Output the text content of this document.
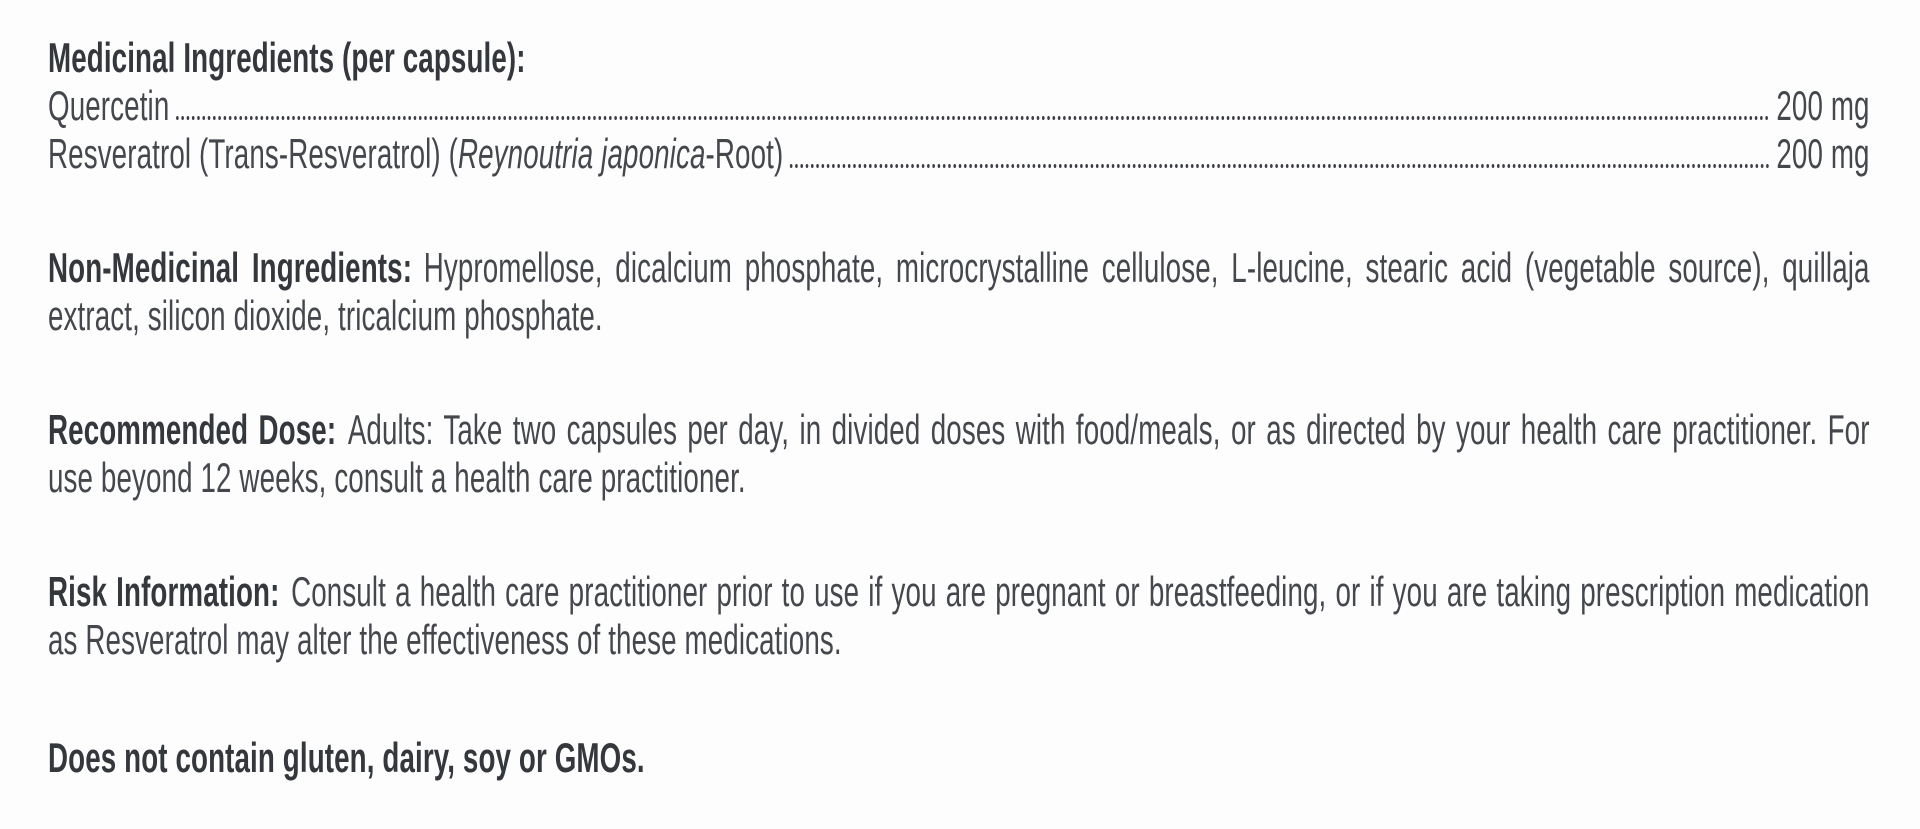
Medicinal Ingredients (per capsule):
Quercetin	200 mg
Resveratrol (Trans-Resveratrol) (Reynoutria japonica-Root)	200 mg

Non-Medicinal Ingredients: Hypromellose, dicalcium phosphate, microcrystalline cellulose, L-leucine, stearic acid (vegetable source), quillaja extract, silicon dioxide, tricalcium phosphate.

Recommended Dose: Adults: Take two capsules per day, in divided doses with food/meals, or as directed by your health care practitioner. For use beyond 12 weeks, consult a health care practitioner.

Risk Information: Consult a health care practitioner prior to use if you are pregnant or breastfeeding, or if you are taking prescription medication as Resveratrol may alter the effectiveness of these medications.

Does not contain gluten, dairy, soy or GMOs.
